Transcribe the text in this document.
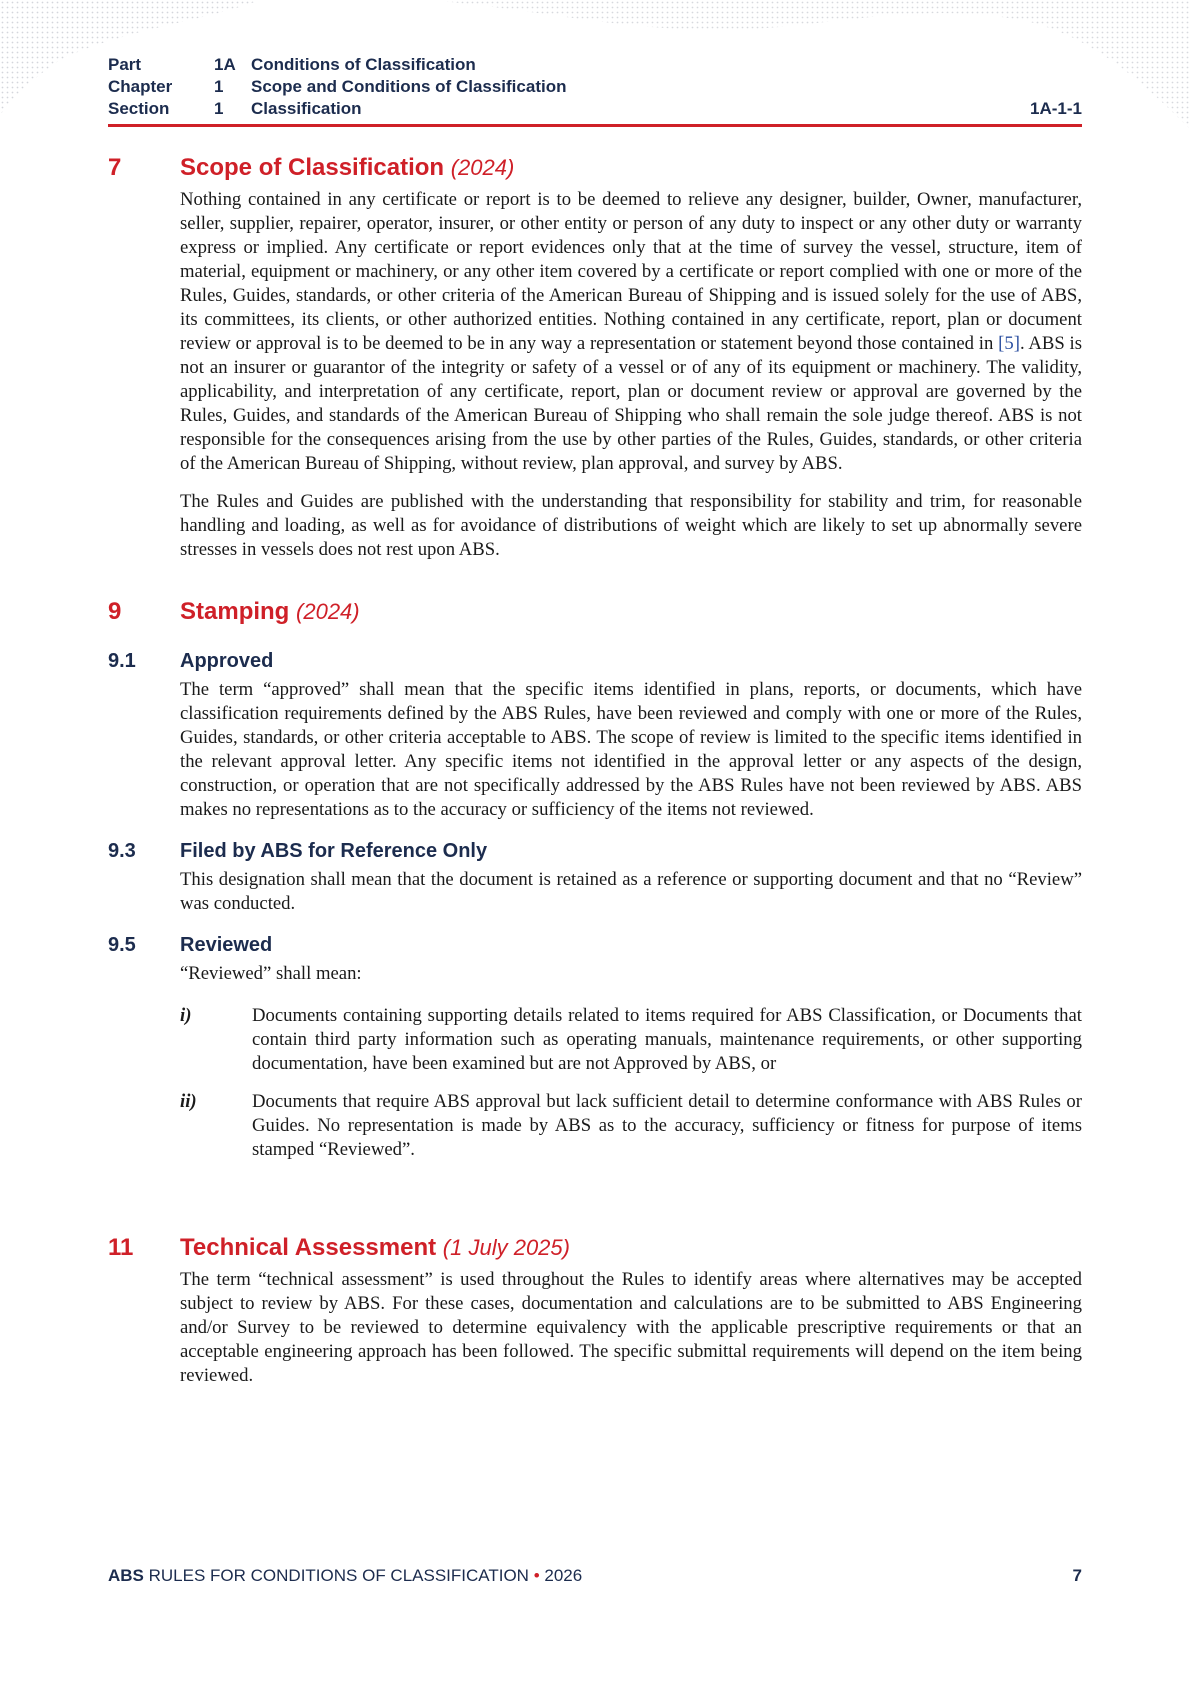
Part	1A Conditions of Classification
Chapter 1 Scope and Conditions of Classification
Section	1 Classification	1A-1-1
7 Scope of Classification (2024)

Nothing contained in any certificate or report is to be deemed to relieve any designer, builder, Owner, manufacturer, seller, supplier, repairer, operator, insurer, or other entity or person of any duty to inspect or any other duty or warranty express or implied. Any certificate or report evidences only that at the time of survey the vessel, structure, item of material, equipment or machinery, or any other item covered by a certificate or report complied with one or more of the Rules, Guides, standards, or other criteria of the American Bureau of Shipping and is issued solely for the use of ABS, its committees, its clients, or other authorized entities. Nothing contained in any certificate, report, plan or document review or approval is to be deemed to be in any way a representation or statement beyond those contained in [5]. ABS is not an insurer or guarantor of the integrity or safety of a vessel or of any of its equipment or machinery. The validity, applicability, and interpretation of any certificate, report, plan or document review or approval are governed by the Rules, Guides, and standards of the American Bureau of Shipping who shall remain the sole judge thereof. ABS is not responsible for the consequences arising from the use by other parties of the Rules, Guides, standards, or other criteria of the American Bureau of Shipping, without review, plan approval, and survey by ABS.

The Rules and Guides are published with the understanding that responsibility for stability and trim, for reasonable handling and loading, as well as for avoidance of distributions of weight which are likely to set up abnormally severe stresses in vessels does not rest upon ABS.

9 Stamping (2024)
9.1 Approved

The term “approved” shall mean that the specific items identified in plans, reports, or documents, which have classification requirements defined by the ABS Rules, have been reviewed and comply with one or more of the Rules, Guides, standards, or other criteria acceptable to ABS. The scope of review is limited to the specific items identified in the relevant approval letter. Any specific items not identified in the approval letter or any aspects of the design, construction, or operation that are not specifically addressed by the ABS Rules have not been reviewed by ABS. ABS makes no representations as to the accuracy or sufficiency of the items not reviewed.

9.3 Filed by ABS for Reference Only

This designation shall mean that the document is retained as a reference or supporting document and that no “Review” was conducted.

9.5 Reviewed

“Reviewed” shall mean:

i)	Documents containing supporting details related to items required for ABS Classification, or Documents that contain third party information such as operating manuals, maintenance requirements, or other supporting documentation, have been examined but are not Approved by ABS, or

ii)	Documents that require ABS approval but lack sufficient detail to determine conformance with ABS Rules or Guides. No representation is made by ABS as to the accuracy, sufficiency or fitness for purpose of items stamped “Reviewed”.

11 Technical Assessment (1 July 2025)

The term “technical assessment” is used throughout the Rules to identify areas where alternatives may be accepted subject to review by ABS. For these cases, documentation and calculations are to be submitted to ABS Engineering and/or Survey to be reviewed to determine equivalency with the applicable prescriptive requirements or that an acceptable engineering approach has been followed. The specific submittal requirements will depend on the item being reviewed.

ABS RULES FOR CONDITIONS OF CLASSIFICATION • 2026	7
